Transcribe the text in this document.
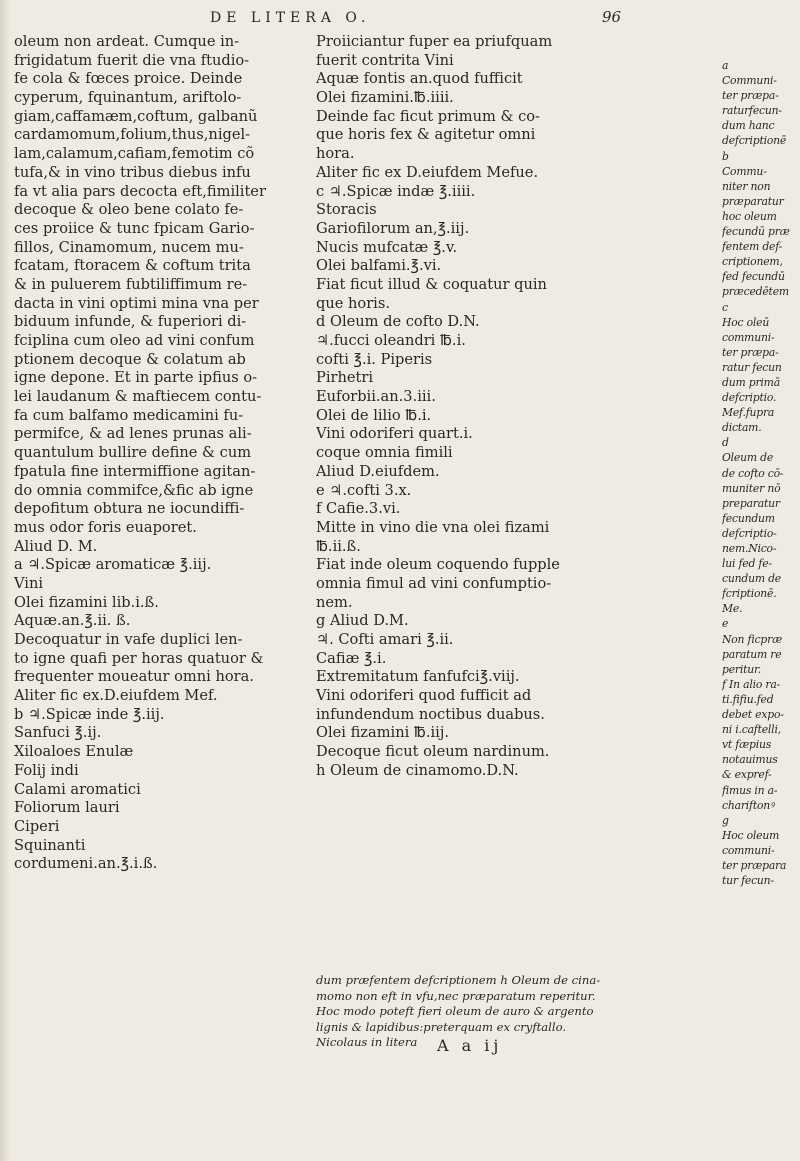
DE LITERA O.	96
oleum non ardeat. Cumque in-
frigidatum fuerit die vna ftudio-
fe cola & fœces proice. Deinde
cyperum, fquinantum, ariftolo-
giam,caffamæm,coftum, galbanũ
cardamomum,folium,thus,nigel-
lam,calamum,cafiam,femotim cõ
tufa,& in vino tribus diebus infu
fa vt alia pars decocta eft,fimiliter
decoque & oleo bene colato fe-
ces proiice & tunc fpicam Gario-
fillos, Cinamomum, nucem mu-
fcatam, ftoracem & coftum trita
& in puluerem fubtiliffimum re-
dacta in vini optimi mina vna per
biduum infunde, & fuperiori di-
fciplina cum oleo ad vini confum
ptionem decoque & colatum ab
igne depone. Et in parte ipfius o-
lei laudanum & maftiecem contu-
fa cum balfamo medicamini fu-
permifce, & ad lenes prunas ali-
quantulum bullire define & cum
fpatula fine intermiffione agitan-
do omnia commifce,&fic ab igne
depofitum obtura ne iocundiffi-
mus odor foris euaporet.
Aliud D. M.
a ♃.Spicæ aromaticæ ℥.iij.
Vini
Olei fizamini lib.i.ß.
Aquæ.an.℥.ii. ß.
Decoquatur in vafe duplici len-
to igne quafi per horas quatuor &
frequenter moueatur omni hora.
Aliter fic ex.D.eiufdem Mef.
b ♃.Spicæ inde ℥.iij.
Sanfuci ℥.ij.
Xiloaloes Enulæ
Folij indi
Calami aromatici
Foliorum lauri
Ciperi
Squinanti
cordumeni.an.℥.i.ß.
Proiiciantur fuper ea priufquam
fuerit contrita Vini
Aquæ fontis an.quod fufficit
Olei fizamini.℔.iiii.
Deinde fac ficut primum & co-
que horis fex & agitetur omni
hora.
Aliter fic ex D.eiufdem Mefue.
c ♃.Spicæ indæ ℥.iiii.
Storacis
Gariofilorum an,℥.iij.
Nucis mufcatæ ℥.v.
Olei balfami.℥.vi.
Fiat ficut illud & coquatur quin
que horis.
d Oleum de cofto D.N.
♃.fucci oleandri ℔.i.
cofti ℥.i. Piperis
Pirhetri
Euforbii.an.3.iii.
Olei de lilio ℔.i.
Vini odoriferi quart.i.
coque omnia fimili
Aliud D.eiufdem.
e ♃.cofti 3.x.
f Cafie.3.vi.
Mitte in vino die vna olei fizami
℔.ii.ß.
Fiat inde oleum coquendo fupple
omnia fimul ad vini confumptio-
nem.
g Aliud D.M.
♃. Cofti amari ℥.ii.
Cafiæ ℥.i.
Extremitatum fanfufci℥.viij.
Vini odoriferi quod fufficit ad
infundendum noctibus duabus.
Olei fizamini ℔.iij.
Decoque ficut oleum nardinum.
h Oleum de cinamomo.D.N.
a
Communi-
ter præpa-
raturfecun-
dum hanc
defcriptionē
b
Commu-
niter non
præparatur
hoc oleum
fecundū præ
fentem def-
criptionem,
fed fecundū
præcedētem
c
Hoc oleū
communi-
ter præpa-
ratur fecun
dum primā
defcriptio.
Mef.fupra
dictam.
d
Oleum de
de cofto cō-
muniter nō
preparatur
fecundum
defcriptio-
nem.Nico-
lui fed fe-
cundum de
fcriptionē.
Me.
e
Non ficpræ
paratum re
peritur.
f In alio ra-
ti.fifiu.fed
debet expo-
ni i.caftelli,
vt fæpius
notauimus
& expref-
fimus in a-
chariftonꝰ
g
Hoc oleum
communi-
ter præpara
tur fecun-
dum præfentem defcriptionem h Oleum de cina-
momo non eft in vfu,nec præparatum reperitur.
Hoc modo poteft fieri oleum de auro & argento
lignis & lapidibus:preterquam ex cryftallo.
Nicolaus in litera	A a ij
